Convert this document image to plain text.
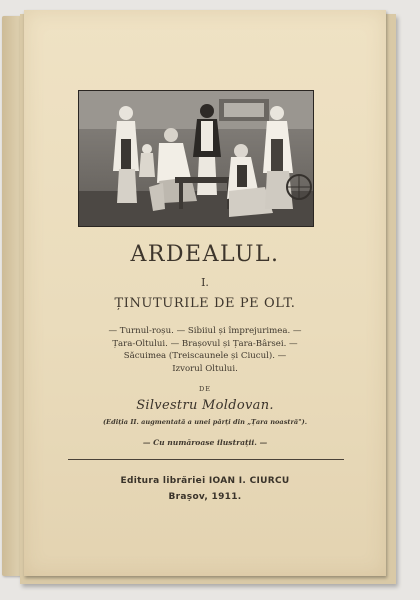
ARDEALUL.
I.
ȚINUTURILE DE PE OLT.
— Turnul-roșu. — Sibiiul și împrejurimea. —
Țara-Oltului. — Brașovul și Țara-Bârsei. —
Săcuimea (Treiscaunele și Ciucul). —
Izvorul Oltului.
DE
Silvestru Moldovan.
(Ediția II. augmentată a unei părți din „Țara noastră").
— Cu număroase ilustrații. —
Editura librăriei IOAN I. CIURCU
Brașov, 1911.
